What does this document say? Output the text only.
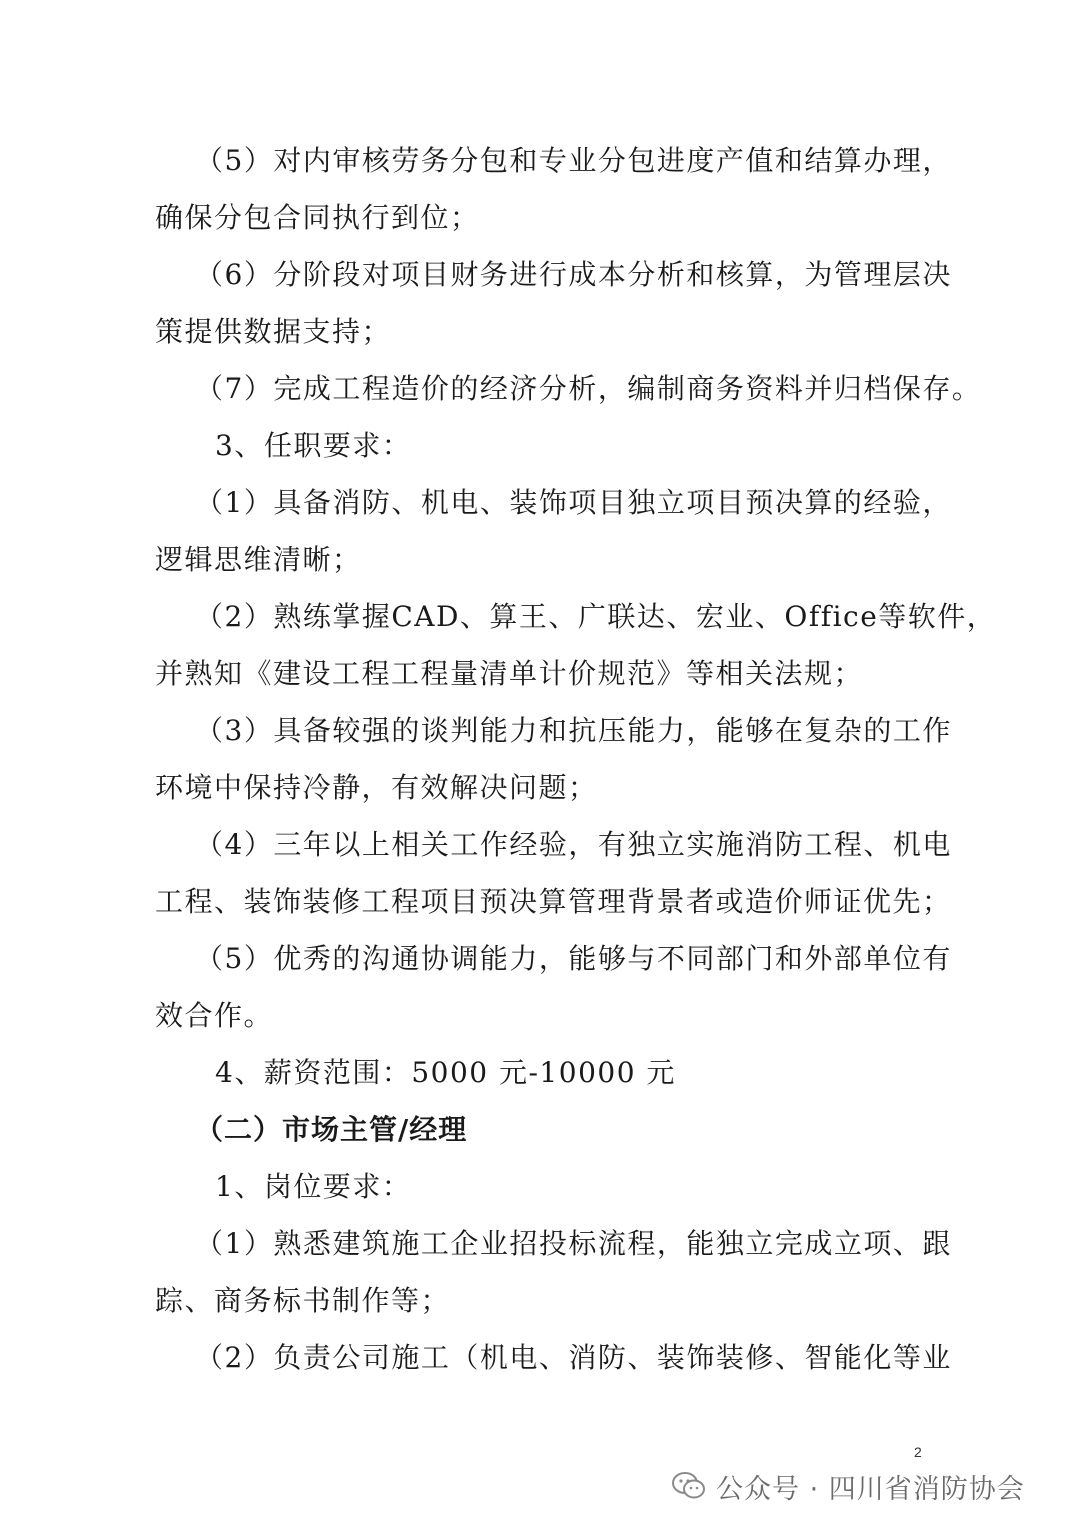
（5）对内审核劳务分包和专业分包进度产值和结算办理，
确保分包合同执行到位；
（6）分阶段对项目财务进行成本分析和核算，为管理层决
策提供数据支持；
（7）完成工程造价的经济分析，编制商务资料并归档保存。
3、任职要求：
（1）具备消防、机电、装饰项目独立项目预决算的经验，
逻辑思维清晰；
（2）熟练掌握CAD、算王、广联达、宏业、Office等软件，
并熟知《建设工程工程量清单计价规范》等相关法规；
（3）具备较强的谈判能力和抗压能力，能够在复杂的工作
环境中保持冷静，有效解决问题；
（4）三年以上相关工作经验，有独立实施消防工程、机电
工程、装饰装修工程项目预决算管理背景者或造价师证优先；
（5）优秀的沟通协调能力，能够与不同部门和外部单位有
效合作。
4、薪资范围：5000 元-10000 元
（二）市场主管/经理
1、岗位要求：
（1）熟悉建筑施工企业招投标流程，能独立完成立项、跟
踪、商务标书制作等；
（2）负责公司施工（机电、消防、装饰装修、智能化等业
2
公众号 · 四川省消防协会
